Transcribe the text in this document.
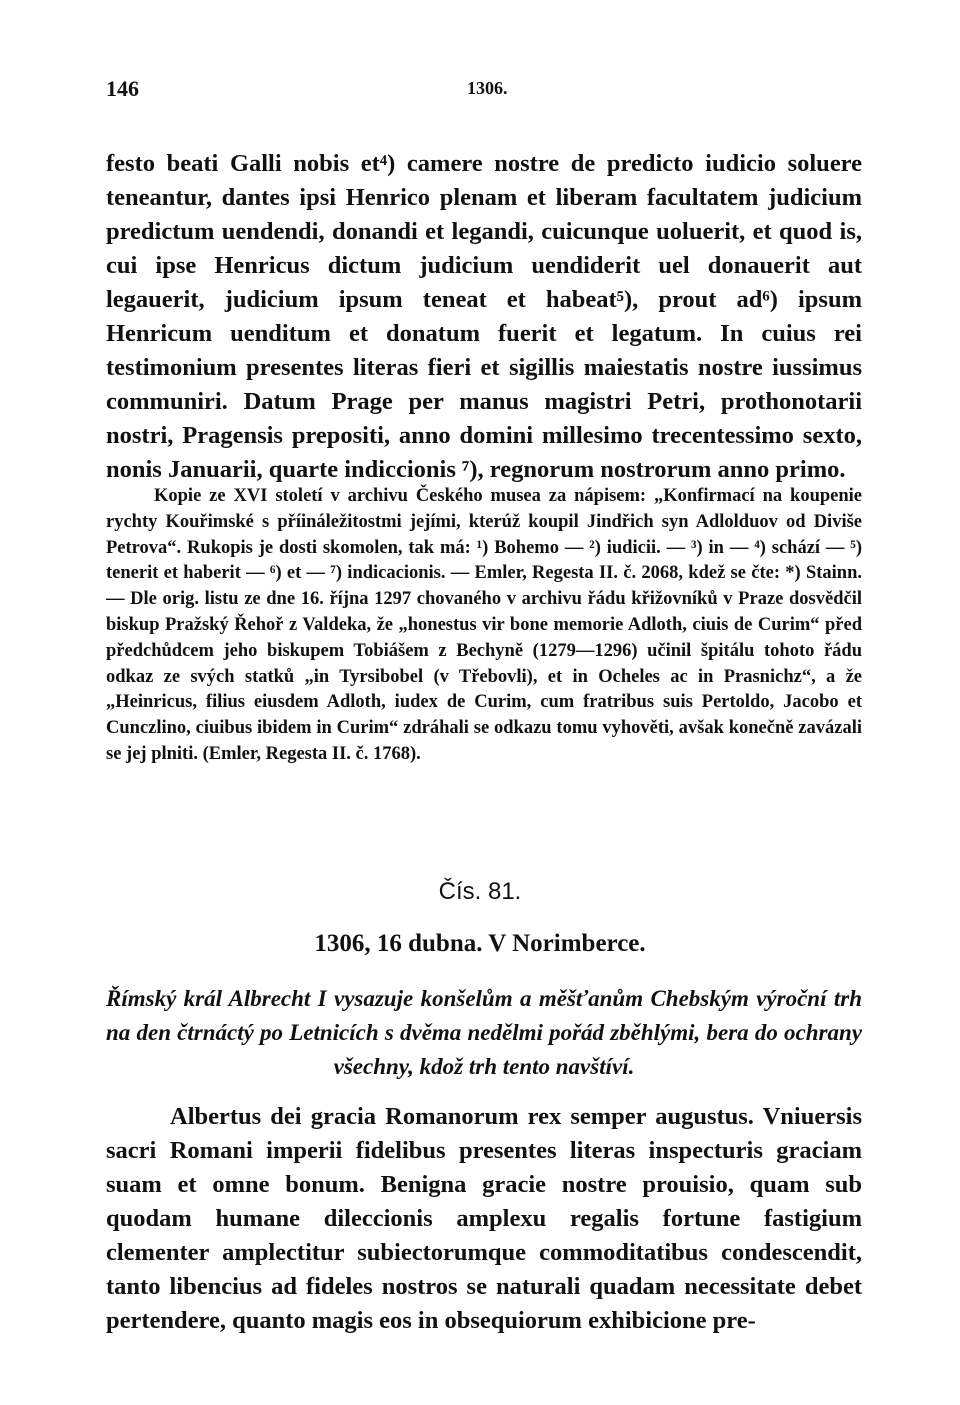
146	1306.

festo beati Galli nobis et⁴) camere nostre de predicto iudicio soluere teneantur, dantes ipsi Henrico plenam et liberam facultatem judicium predictum uendendi, donandi et legandi, cuicunque uoluerit, et quod is, cui ipse Henricus dictum judicium uendiderit uel donauerit aut legauerit, judicium ipsum teneat et habeat⁵), prout ad⁶) ipsum Henricum uenditum et donatum fuerit et legatum. In cuius rei testimonium presentes literas fieri et sigillis maiestatis nostre iussimus communiri. Datum Prage per manus magistri Petri, prothonotarii nostri, Pragensis prepositi, anno domini millesimo trecentessimo sexto, nonis Januarii, quarte indiccionis ⁷), regnorum nostrorum anno primo.

Kopie ze XVI století v archivu Českého musea za nápisem: „Konfirmací na koupenie rychty Kouřimské s příináležitostmi jejími, kterúž koupil Jindřich syn Adlolduov od Diviše Petrova“. Rukopis je dosti skomolen, tak má: ¹) Bohemo — ²) iudicii. — ³) in — ⁴) schází — ⁵) tenerit et haberit — ⁶) et — ⁷) indicacionis. — Emler, Regesta II. č. 2068, kdež se čte: *) Stainn. — Dle orig. listu ze dne 16. října 1297 chovaného v archivu řádu křižovníků v Praze dosvědčil biskup Pražský Řehoř z Valdeka, že „honestus vir bone memorie Adloth, ciuis de Curim“ před předchůdcem jeho biskupem Tobiášem z Bechyně (1279—1296) učinil špitálu tohoto řádu odkaz ze svých statků „in Tyrsibobel (v Třebovli), et in Ocheles ac in Prasnichz“, a že „Heinricus, filius eiusdem Adloth, iudex de Curim, cum fratribus suis Pertoldo, Jacobo et Cunczlino, ciuibus ibidem in Curim“ zdráhali se odkazu tomu vyhověti, avšak konečně zavázali se jej plniti. (Emler, Regesta II. č. 1768).

Čís. 81.
1306, 16 dubna. V Norimberce.

Římský král Albrecht I vysazuje konšelům a měšťanům Chebským výroční trh na den čtrnáctý po Letnicích s dvěma nedělmi pořád zběhlými, bera do ochrany všechny, kdož trh tento navštíví.

Albertus dei gracia Romanorum rex semper augustus. Vniuersis sacri Romani imperii fidelibus presentes literas inspecturis graciam suam et omne bonum. Benigna gracie nostre prouisio, quam sub quodam humane dileccionis amplexu regalis fortune fastigium clementer amplectitur subiectorumque commoditatibus condescendit, tanto libencius ad fideles nostros se naturali quadam necessitate debet pertendere, quanto magis eos in obsequiorum exhibicione pre-
